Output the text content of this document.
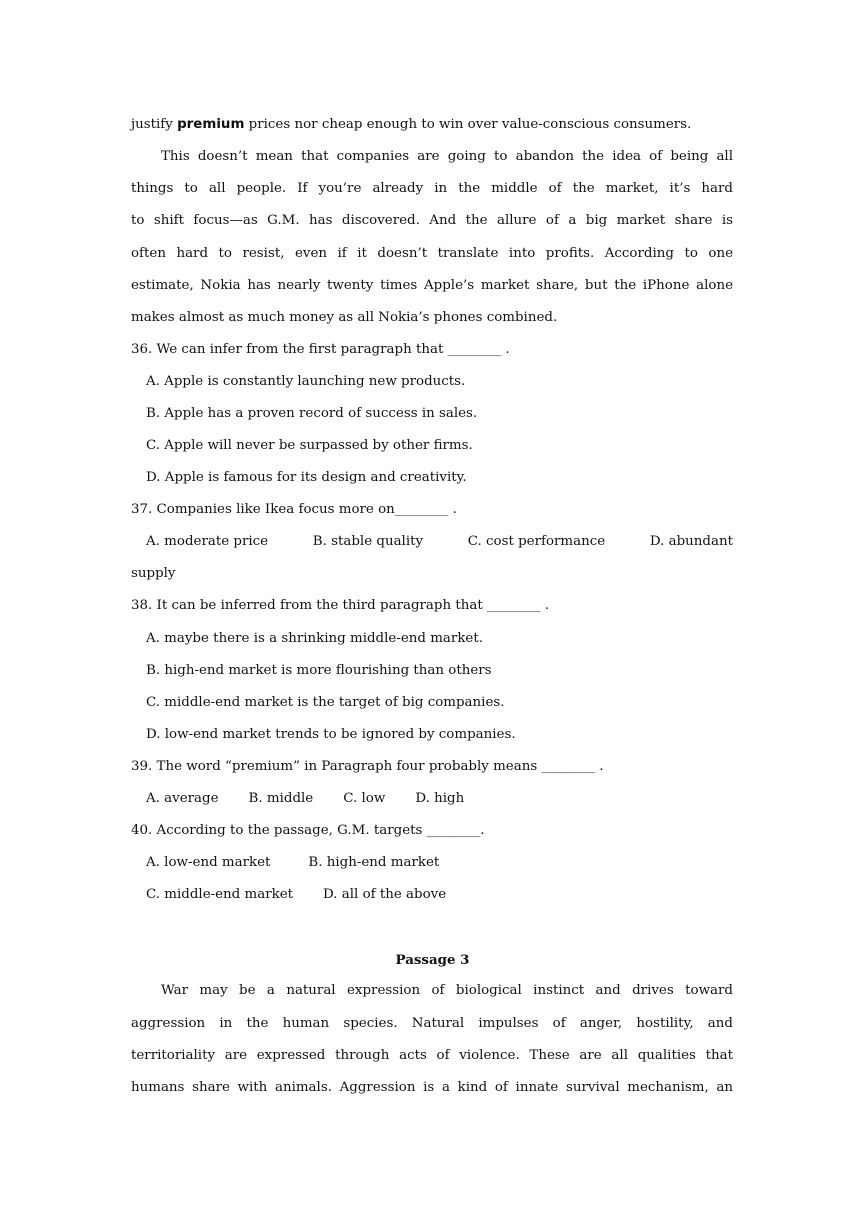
justify premium prices nor cheap enough to win over value-conscious consumers.
This doesn’t mean that companies are going to abandon the idea of being all
things to all people. If you’re already in the middle of the market, it’s hard
to shift focus—as G.M. has discovered. And the allure of a big market share is
often hard to resist, even if it doesn’t translate into profits. According to one
estimate, Nokia has nearly twenty times Apple’s market share, but the iPhone alone
makes almost as much money as all Nokia’s phones combined.
36. We can infer from the first paragraph that ________ .
A. Apple is constantly launching new products.
B. Apple has a proven record of success in sales.
C. Apple will never be surpassed by other firms.
D. Apple is famous for its design and creativity.
37. Companies like Ikea focus more on________ .
A. moderate price	B. stable quality	C. cost performance	D. abundant
supply
38. It can be inferred from the third paragraph that ________ .
A. maybe there is a shrinking middle-end market.
B. high-end market is more flourishing than others
C. middle-end market is the target of big companies.
D. low-end market trends to be ignored by companies.
39. The word “premium” in Paragraph four probably means ________ .
A. average B. middle C. low D. high
40. According to the passage, G.M. targets ________.
A. low-end market	B. high-end market
C. middle-end market D. all of the above
Passage 3
War may be a natural expression of biological instinct and drives toward
aggression in the human species. Natural impulses of anger, hostility, and
territoriality are expressed through acts of violence. These are all qualities that
humans share with animals. Aggression is a kind of innate survival mechanism, an
